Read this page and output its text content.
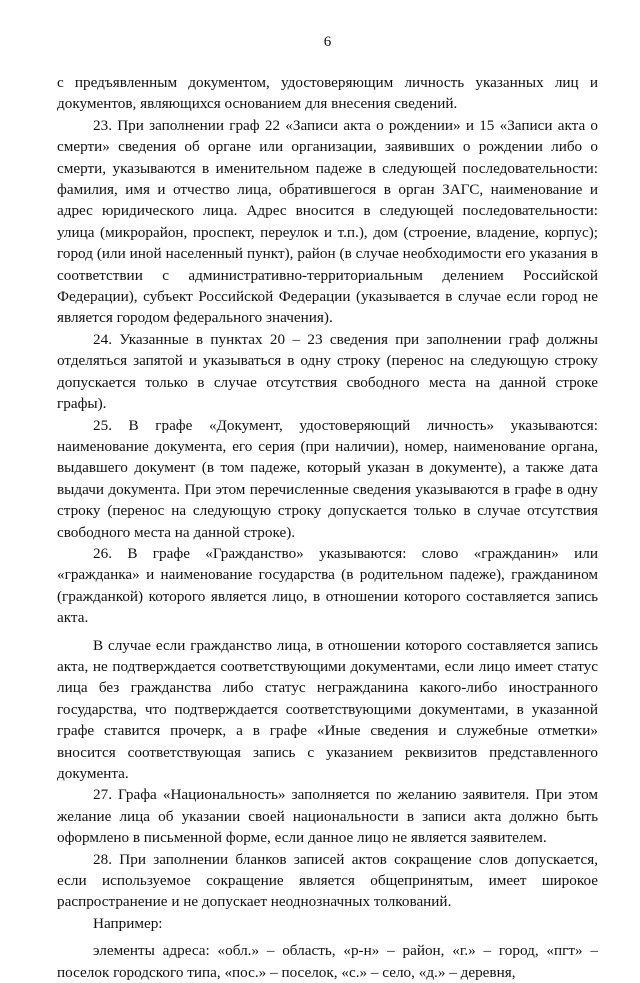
6

с предъявленным документом, удостоверяющим личность указанных лиц и документов, являющихся основанием для внесения сведений.

23. При заполнении граф 22 «Записи акта о рождении» и 15 «Записи акта о смерти» сведения об органе или организации, заявивших о рождении либо о смерти, указываются в именительном падеже в следующей последовательности: фамилия, имя и отчество лица, обратившегося в орган ЗАГС, наименование и адрес юридического лица. Адрес вносится в следующей последовательности: улица (микрорайон, проспект, переулок и т.п.), дом (строение, владение, корпус); город (или иной населенный пункт), район (в случае необходимости его указания в соответствии с административно-территориальным делением Российской Федерации), субъект Российской Федерации (указывается в случае если город не является городом федерального значения).

24. Указанные в пунктах 20 – 23 сведения при заполнении граф должны отделяться запятой и указываться в одну строку (перенос на следующую строку допускается только в случае отсутствия свободного места на данной строке графы).

25. В графе «Документ, удостоверяющий личность» указываются: наименование документа, его серия (при наличии), номер, наименование органа, выдавшего документ (в том падеже, который указан в документе), а также дата выдачи документа. При этом перечисленные сведения указываются в графе в одну строку (перенос на следующую строку допускается только в случае отсутствия свободного места на данной строке).

26. В графе «Гражданство» указываются: слово «гражданин» или «гражданка» и наименование государства (в родительном падеже), гражданином (гражданкой) которого является лицо, в отношении которого составляется запись акта.

В случае если гражданство лица, в отношении которого составляется запись акта, не подтверждается соответствующими документами, если лицо имеет статус лица без гражданства либо статус негражданина какого-либо иностранного государства, что подтверждается соответствующими документами, в указанной графе ставится прочерк, а в графе «Иные сведения и служебные отметки» вносится соответствующая запись с указанием реквизитов представленного документа.

27. Графа «Национальность» заполняется по желанию заявителя. При этом желание лица об указании своей национальности в записи акта должно быть оформлено в письменной форме, если данное лицо не является заявителем.

28. При заполнении бланков записей актов сокращение слов допускается, если используемое сокращение является общепринятым, имеет широкое распространение и не допускает неоднозначных толкований.

Например:

элементы адреса: «обл.» – область, «р-н» – район, «г.» – город, «пгт» – поселок городского типа, «пос.» – поселок, «с.» – село, «д.» – деревня,
